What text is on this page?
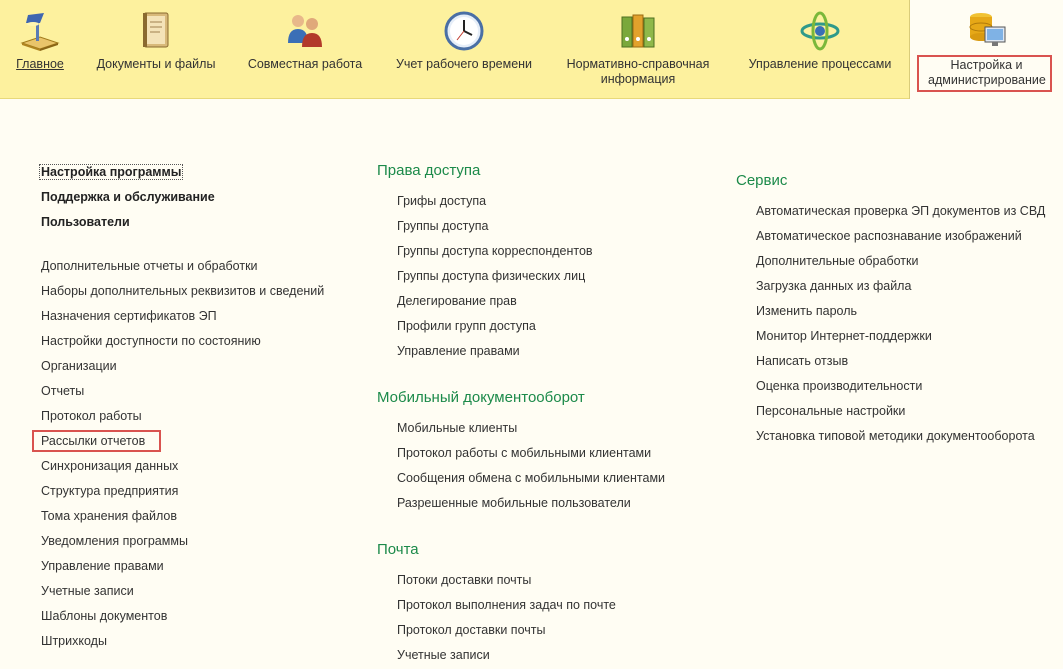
Главное	Документы и файлы	Совместная работа	Учет рабочего времени	Нормативно-справочная информация
Управление процессами	Настройка и администрирование
Настройка программы
Поддержка и обслуживание
Пользователи
Дополнительные отчеты и обработки
Наборы дополнительных реквизитов и сведений
Назначения сертификатов ЭП
Настройки доступности по состоянию
Организации
Отчеты
Протокол работы
Рассылки отчетов
Синхронизация данных
Структура предприятия
Тома хранения файлов
Уведомления программы
Управление правами
Учетные записи
Шаблоны документов
Штрихкоды
Права доступа
Грифы доступа
Группы доступа
Группы доступа корреспондентов
Группы доступа физических лиц
Делегирование прав
Профили групп доступа
Управление правами
Мобильный документооборот
Мобильные клиенты
Протокол работы с мобильными клиентами
Сообщения обмена с мобильными клиентами
Разрешенные мобильные пользователи
Почта
Потоки доставки почты
Протокол выполнения задач по почте
Протокол доставки почты
Учетные записи
Сервис
Автоматическая проверка ЭП документов из СВД
Автоматическое распознавание изображений
Дополнительные обработки
Загрузка данных из файла
Изменить пароль
Монитор Интернет-поддержки
Написать отзыв
Оценка производительности
Персональные настройки
Установка типовой методики документооборота
